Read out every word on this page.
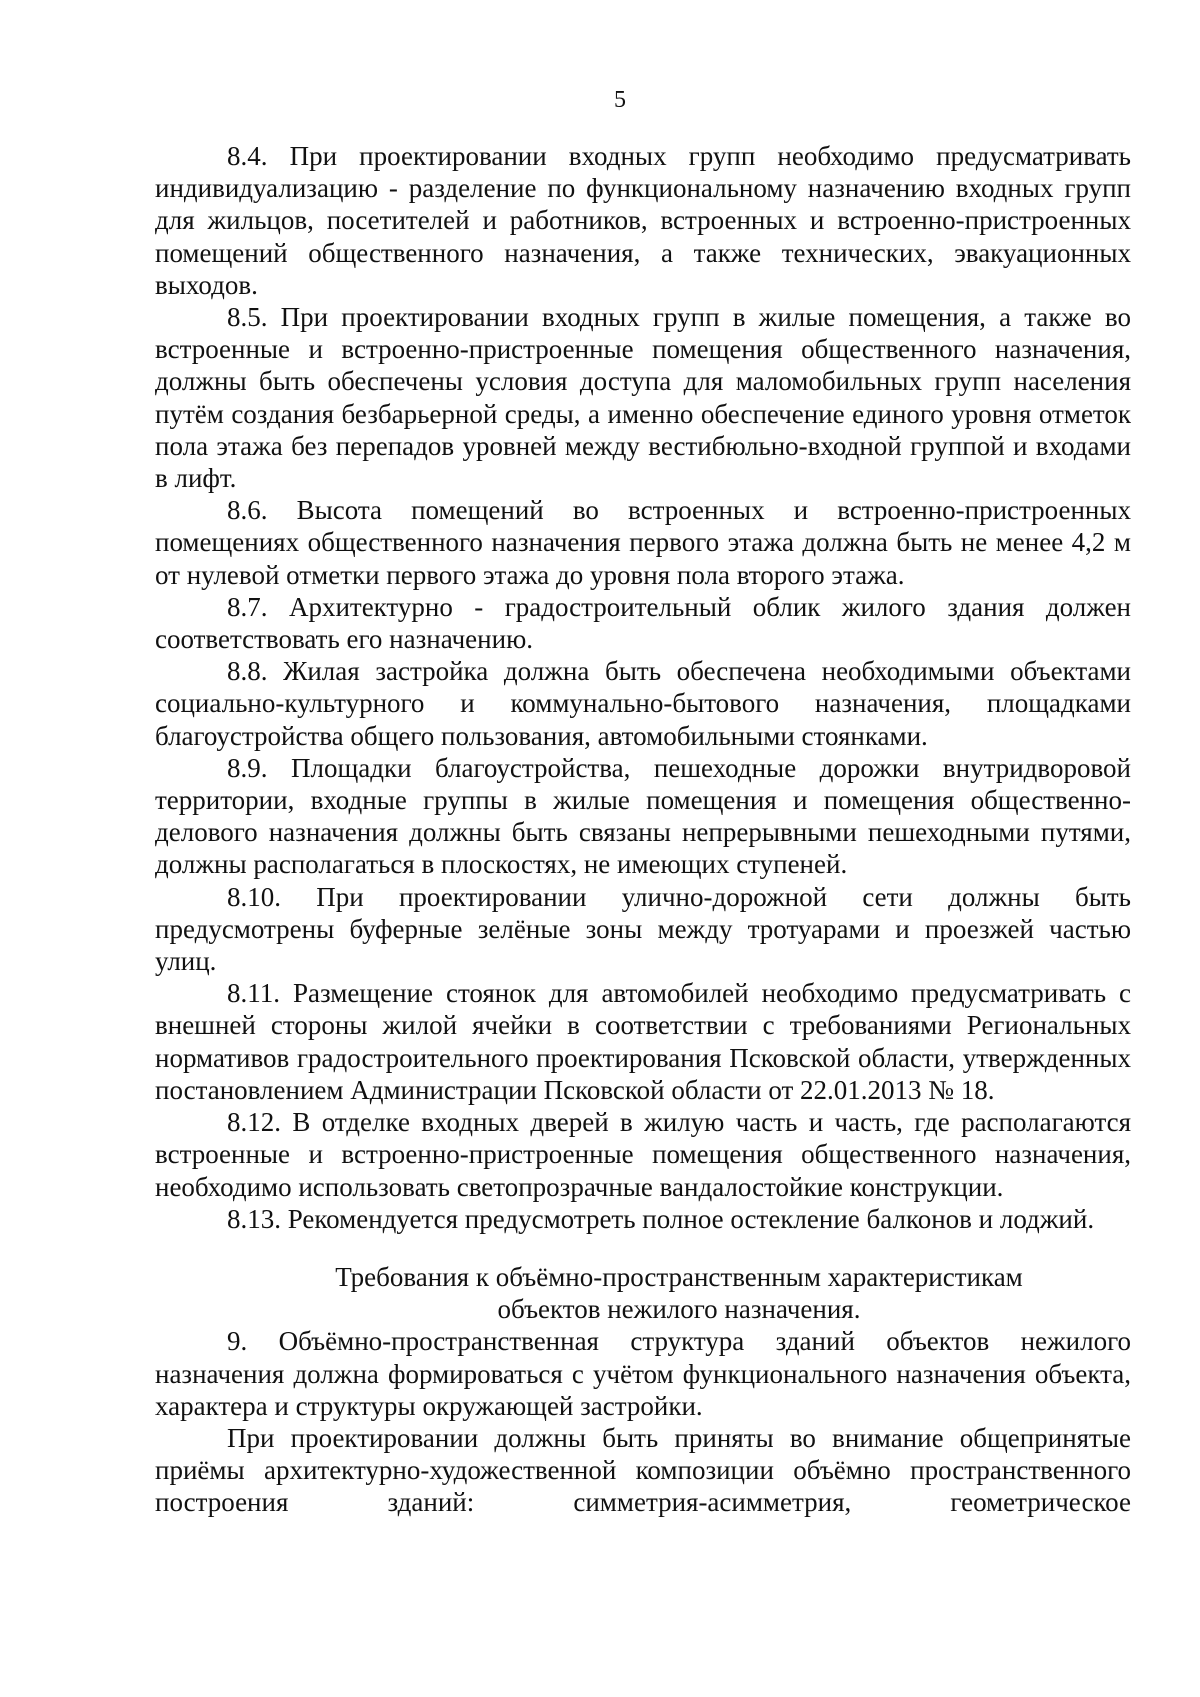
5

8.4. При проектировании входных групп необходимо предусматривать индивидуализацию - разделение по функциональному назначению входных групп для жильцов, посетителей и работников, встроенных и встроенно-пристроенных помещений общественного назначения, а также технических, эвакуационных выходов.

8.5. При проектировании входных групп в жилые помещения, а также во встроенные и встроенно-пристроенные помещения общественного назначения, должны быть обеспечены условия доступа для маломобильных групп населения путём создания безбарьерной среды, а именно обеспечение единого уровня отметок пола этажа без перепадов уровней между вестибюльно-входной группой и входами в лифт.

8.6. Высота помещений во встроенных и встроенно-пристроенных помещениях общественного назначения первого этажа должна быть не менее 4,2 м от нулевой отметки первого этажа до уровня пола второго этажа.

8.7. Архитектурно - градостроительный облик жилого здания должен соответствовать его назначению.

8.8. Жилая застройка должна быть обеспечена необходимыми объектами социально-культурного и коммунально-бытового назначения, площадками благоустройства общего пользования, автомобильными стоянками.

8.9. Площадки благоустройства, пешеходные дорожки внутридворовой территории, входные группы в жилые помещения и помещения общественно-делового назначения должны быть связаны непрерывными пешеходными путями, должны располагаться в плоскостях, не имеющих ступеней.

8.10. При проектировании улично-дорожной сети должны быть предусмотрены буферные зелёные зоны между тротуарами и проезжей частью улиц.

8.11. Размещение стоянок для автомобилей необходимо предусматривать с внешней стороны жилой ячейки в соответствии с требованиями Региональных нормативов градостроительного проектирования Псковской области, утвержденных постановлением Администрации Псковской области от 22.01.2013 № 18.

8.12. В отделке входных дверей в жилую часть и часть, где располагаются встроенные и встроенно-пристроенные помещения общественного назначения, необходимо использовать светопрозрачные вандалостойкие конструкции.

8.13. Рекомендуется предусмотреть полное остекление балконов и лоджий.

Требования к объёмно-пространственным характеристикам
объектов нежилого назначения.

9. Объёмно-пространственная структура зданий объектов нежилого назначения должна формироваться с учётом функционального назначения объекта, характера и структуры окружающей застройки.

При проектировании должны быть приняты во внимание общепринятые приёмы архитектурно-художественной композиции объёмно пространственного построения зданий: симметрия-асимметрия, геометрическое
